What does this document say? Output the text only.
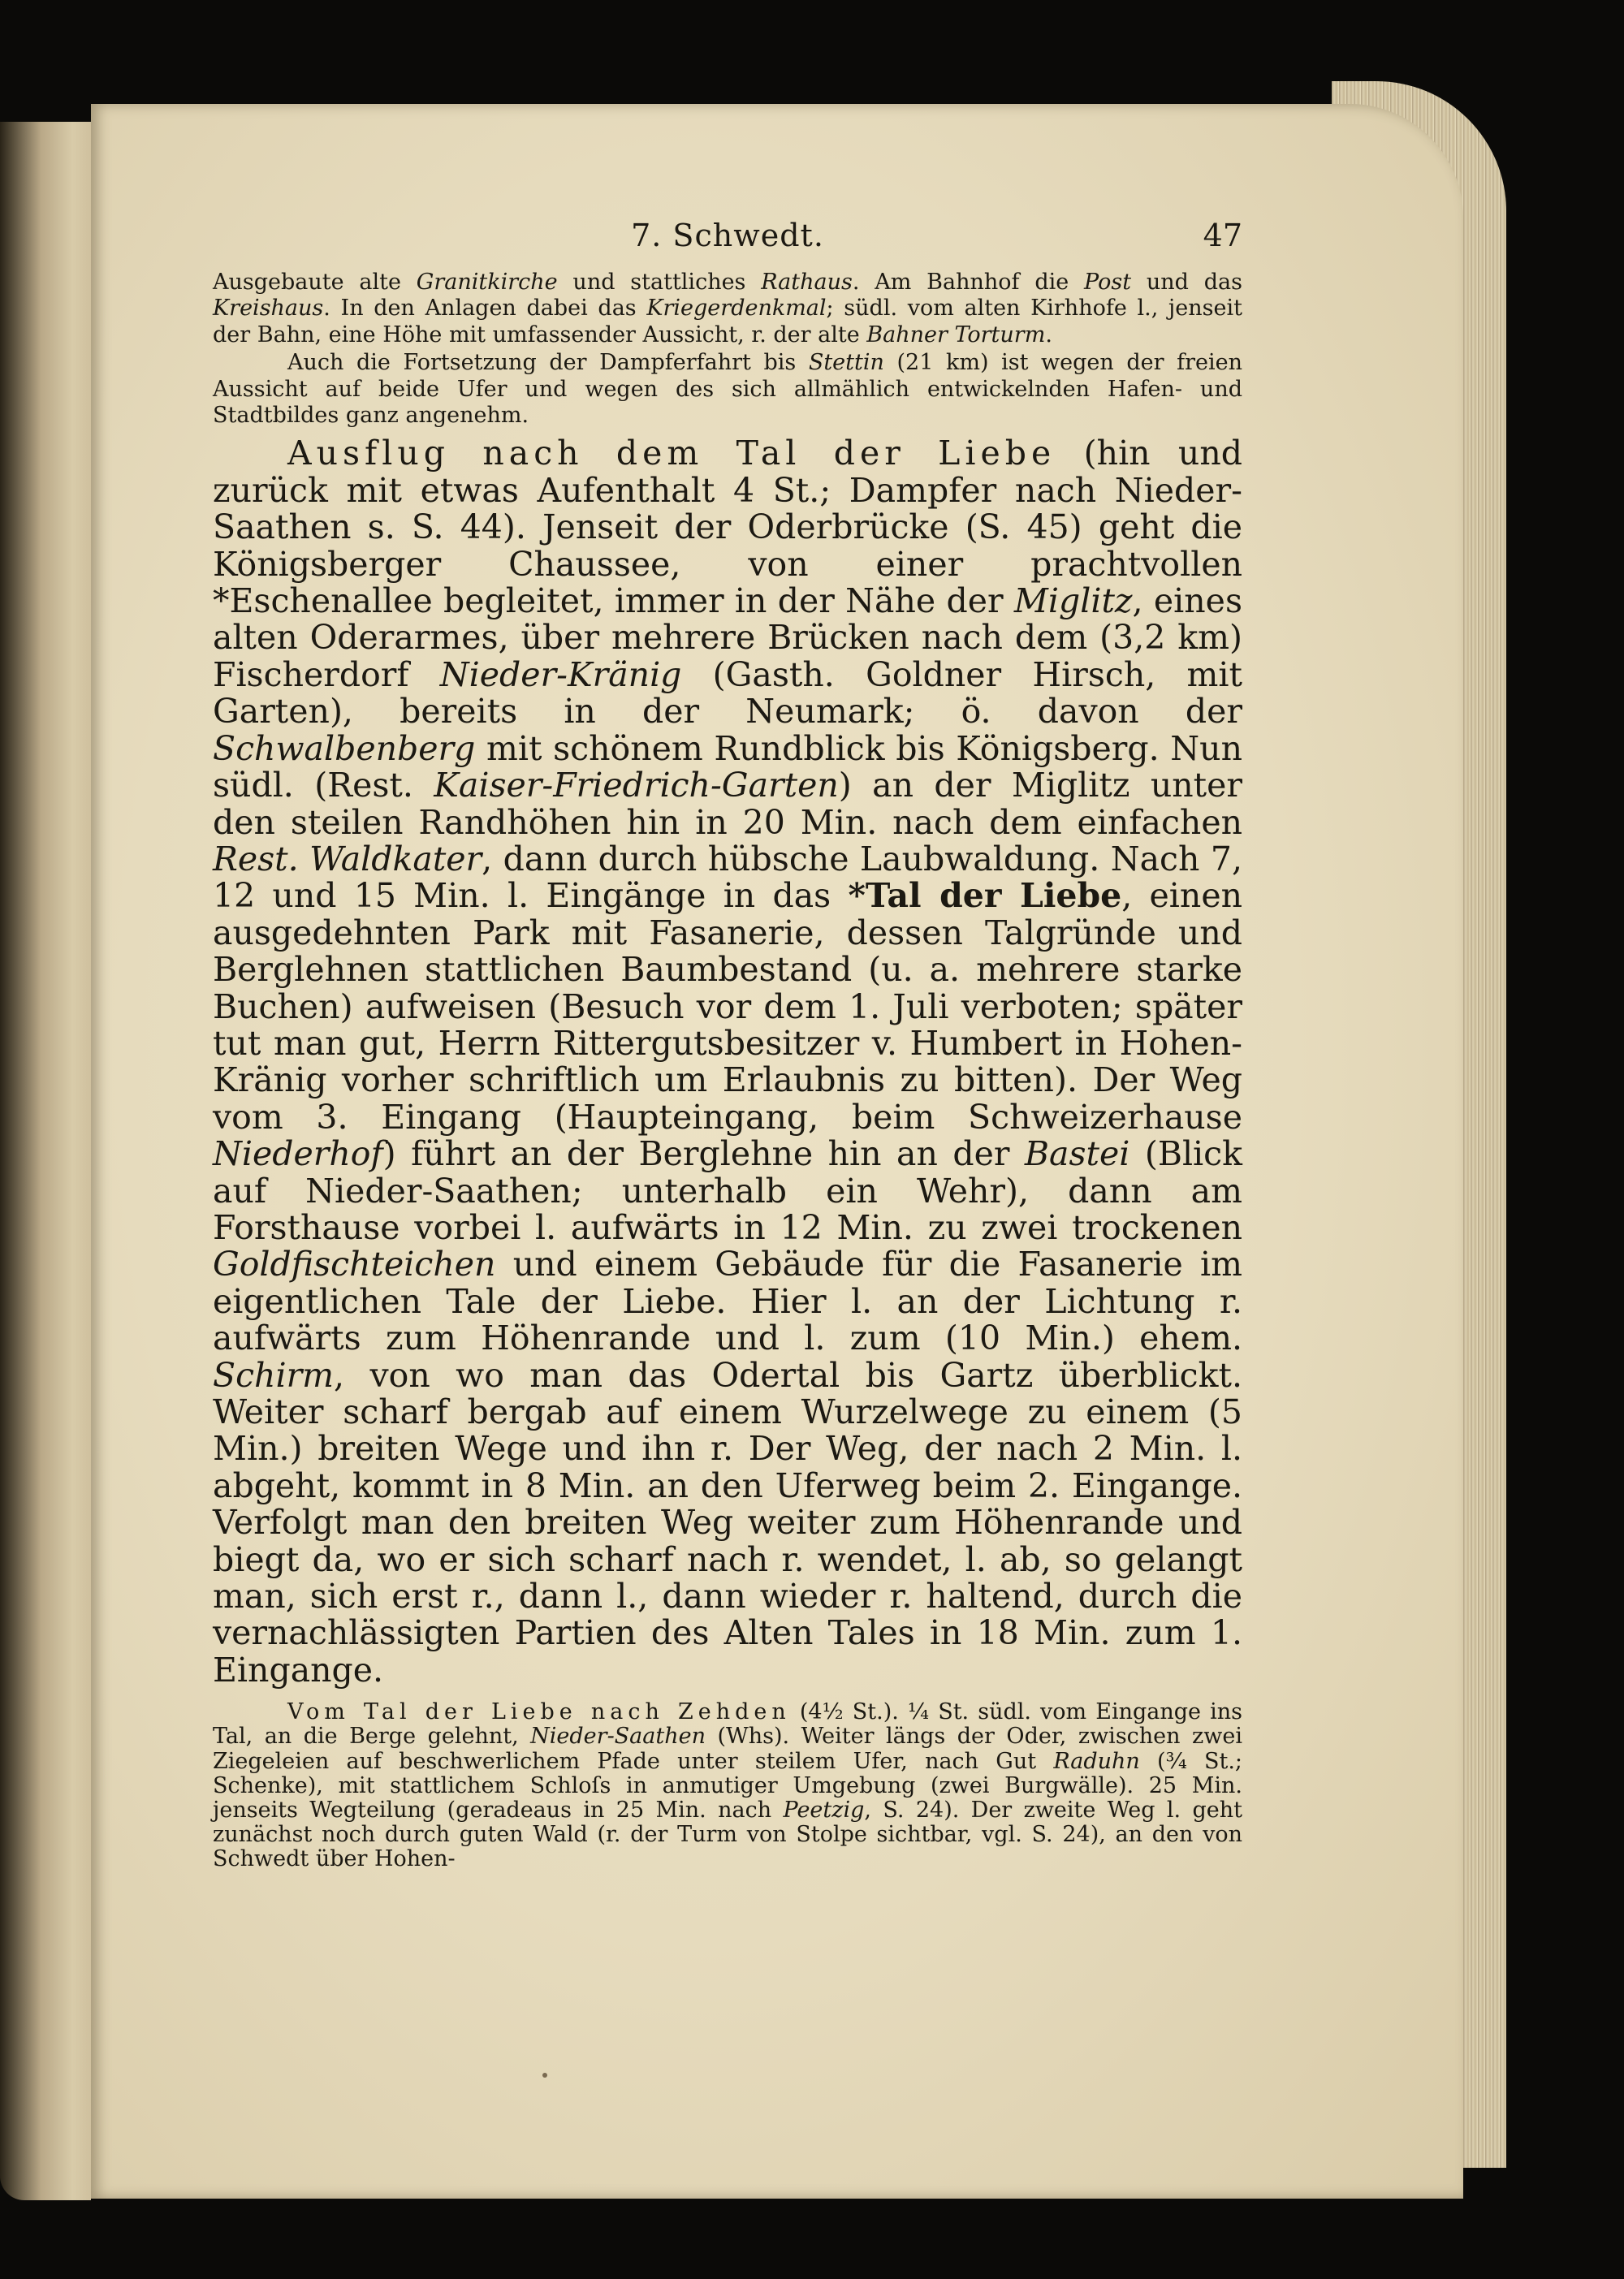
7. Schwedt.	47

Ausgebaute alte Granitkirche und stattliches Rathaus. Am Bahnhof die Post und das Kreishaus. In den Anlagen dabei das Kriegerdenkmal; südl. vom alten Kirhhofe l., jenseit der Bahn, eine Höhe mit umfassender Aussicht, r. der alte Bahner Torturm.

Auch die Fortsetzung der Dampferfahrt bis Stettin (21 km) ist wegen der freien Aussicht auf beide Ufer und wegen des sich allmählich entwickelnden Hafen- und Stadtbildes ganz angenehm.

Ausflug nach dem Tal der Liebe (hin und zurück mit etwas Aufenthalt 4 St.; Dampfer nach Nieder-Saathen s. S. 44). Jenseit der Oderbrücke (S. 45) geht die Königsberger Chaussee, von einer prachtvollen *Eschenallee begleitet, immer in der Nähe der Miglitz, eines alten Oderarmes, über mehrere Brücken nach dem (3,2 km) Fischerdorf Nieder-Kränig (Gasth. Goldner Hirsch, mit Garten), bereits in der Neumark; ö. davon der Schwalbenberg mit schönem Rundblick bis Königsberg. Nun südl. (Rest. Kaiser-Friedrich-Garten) an der Miglitz unter den steilen Randhöhen hin in 20 Min. nach dem einfachen Rest. Waldkater, dann durch hübsche Laubwaldung. Nach 7, 12 und 15 Min. l. Eingänge in das *Tal der Liebe, einen ausgedehnten Park mit Fasanerie, dessen Talgründe und Berglehnen stattlichen Baumbestand (u. a. mehrere starke Buchen) aufweisen (Besuch vor dem 1. Juli verboten; später tut man gut, Herrn Rittergutsbesitzer v. Humbert in Hohen-Kränig vorher schriftlich um Erlaubnis zu bitten). Der Weg vom 3. Eingang (Haupteingang, beim Schweizerhause Niederhof) führt an der Berglehne hin an der Bastei (Blick auf Nieder-Saathen; unterhalb ein Wehr), dann am Forsthause vorbei l. aufwärts in 12 Min. zu zwei trockenen Goldfischteichen und einem Gebäude für die Fasanerie im eigentlichen Tale der Liebe. Hier l. an der Lichtung r. aufwärts zum Höhenrande und l. zum (10 Min.) ehem. Schirm, von wo man das Odertal bis Gartz überblickt. Weiter scharf bergab auf einem Wurzelwege zu einem (5 Min.) breiten Wege und ihn r. Der Weg, der nach 2 Min. l. abgeht, kommt in 8 Min. an den Uferweg beim 2. Eingange. Verfolgt man den breiten Weg weiter zum Höhenrande und biegt da, wo er sich scharf nach r. wendet, l. ab, so gelangt man, sich erst r., dann l., dann wieder r. haltend, durch die vernachlässigten Partien des Alten Tales in 18 Min. zum 1. Eingange.

Vom Tal der Liebe nach Zehden (4½ St.). ¼ St. südl. vom Eingange ins Tal, an die Berge gelehnt, Nieder-Saathen (Whs). Weiter längs der Oder, zwischen zwei Ziegeleien auf beschwerlichem Pfade unter steilem Ufer, nach Gut Raduhn (¾ St.; Schenke), mit stattlichem Schloſs in anmutiger Umgebung (zwei Burgwälle). 25 Min. jenseits Wegteilung (geradeaus in 25 Min. nach Peetzig, S. 24). Der zweite Weg l. geht zunächst noch durch guten Wald (r. der Turm von Stolpe sichtbar, vgl. S. 24), an den von Schwedt über Hohen-
